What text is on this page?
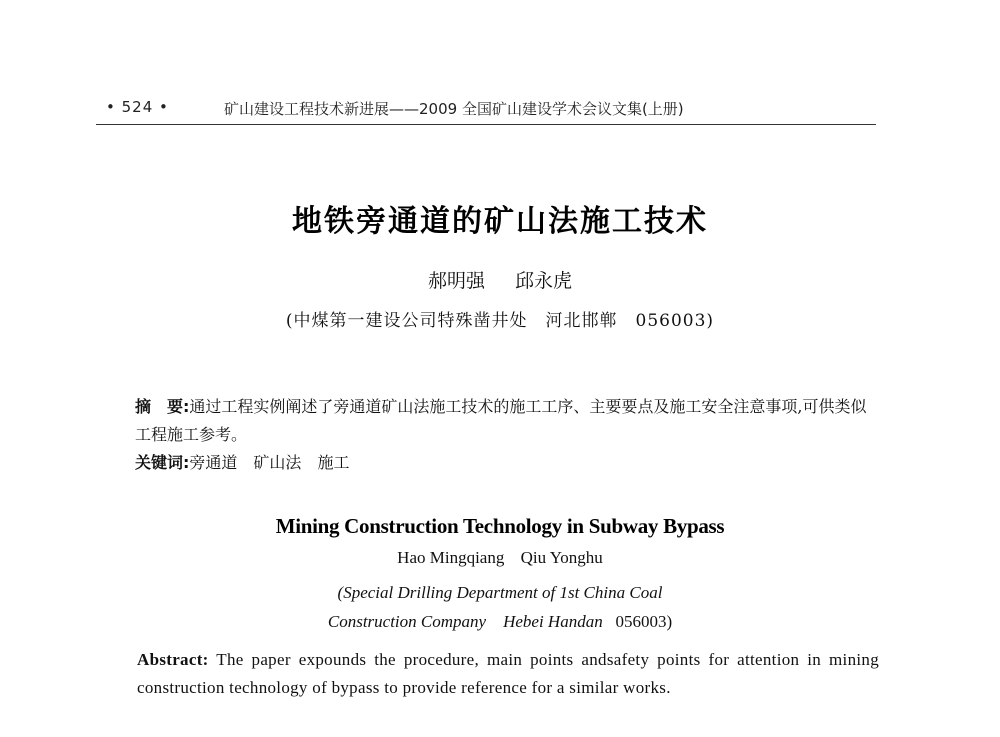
• 524 •	矿山建设工程技术新进展——2009 全国矿山建设学术会议文集(上册)
地铁旁通道的矿山法施工技术
郝明强 邱永虎
(中煤第一建设公司特殊凿井处　河北邯郸　056003)
摘　要:通过工程实例阐述了旁通道矿山法施工技术的施工工序、主要要点及施工安全注意事项,可供类似工程施工参考。
关键词:旁通道 矿山法 施工
Mining Construction Technology in Subway Bypass
Hao Mingqiang Qiu Yonghu
(Special Drilling Department of 1st China Coal
Construction Company　Hebei Handan 056003)
Abstract: The paper expounds the procedure, main points andsafety points for attention in mining construction technology of bypass to provide reference for a similar works.
